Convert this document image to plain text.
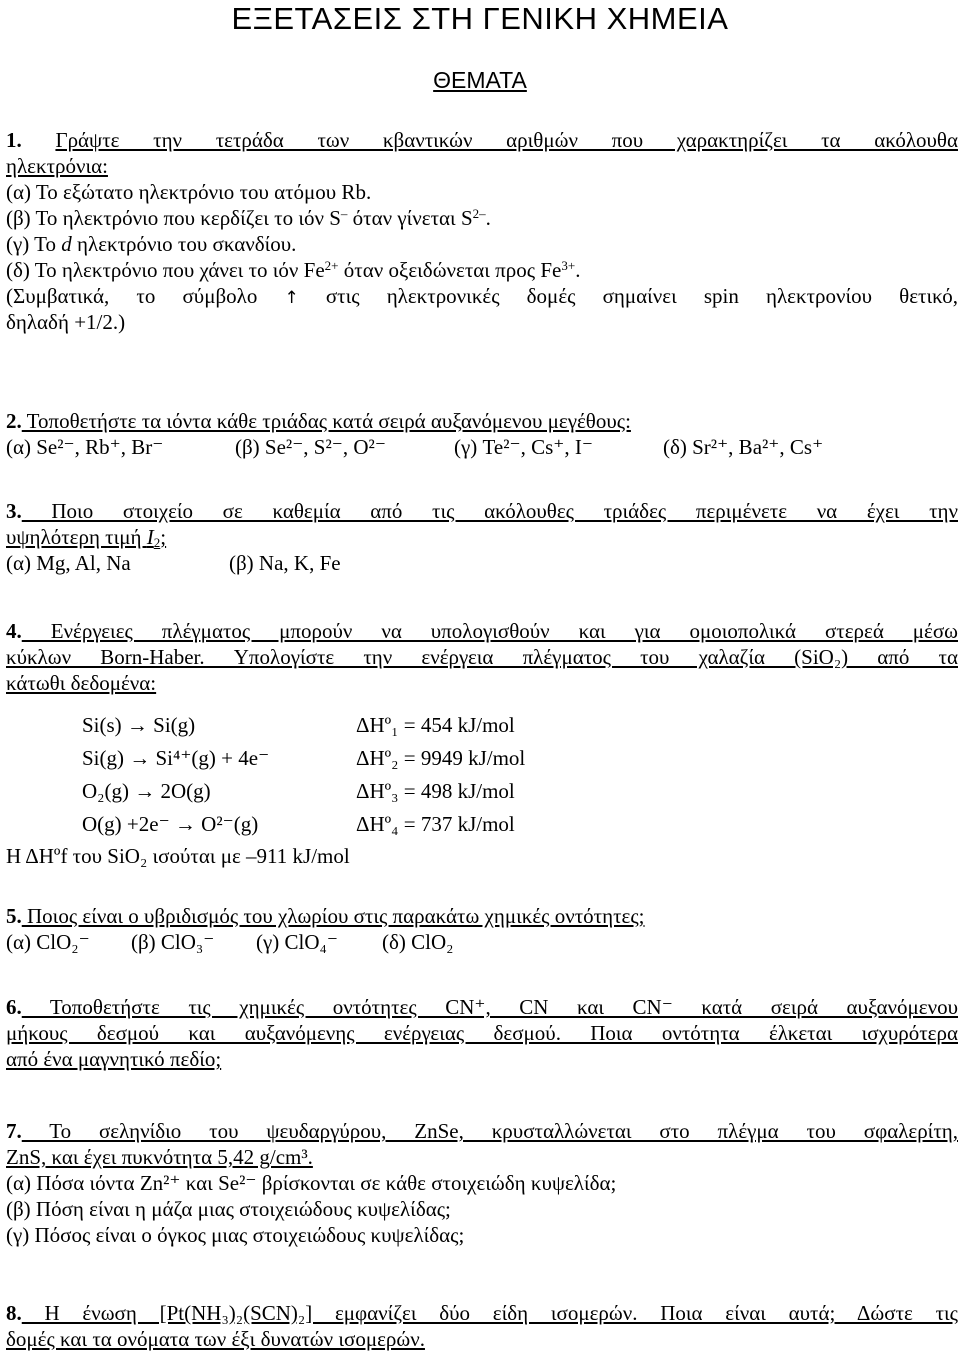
ΕΞΕΤΑΣΕΙΣ ΣΤΗ ΓΕΝΙΚΗ ΧΗΜΕΙΑ
ΘΕΜΑΤΑ
1. Γράψτε την τετράδα των κβαντικών αριθμών που χαρακτηρίζει τα ακόλουθα
ηλεκτρόνια:
(α) Το εξώτατο ηλεκτρόνιο του ατόμου Rb.
(β) Το ηλεκτρόνιο που κερδίζει το ιόν S– όταν γίνεται $S^{2-}$.
(γ) Το d ηλεκτρόνιο του σκανδίου.
(δ) Το ηλεκτρόνιο που χάνει το ιόν $Fe^{2+}$ όταν οξειδώνεται προς $Fe^{3+}$.
(Συμβατικά, το σύμβολο ↑ στις ηλεκτρονικές δομές σημαίνει spin ηλεκτρονίου θετικό,
δηλαδή +1/2.)
2. Τοποθετήστε τα ιόντα κάθε τριάδας κατά σειρά αυξανόμενου μεγέθους:
(α) Se²⁻, Rb⁺, Br⁻	(β) Se²⁻, S²⁻, O²⁻	(γ) Te²⁻, Cs⁺, I⁻	(δ) Sr²⁺, Ba²⁺, Cs⁺
3. Ποιο στοιχείο σε καθεμία από τις ακόλουθες τριάδες περιμένετε να έχει την
υψηλότερη τιμή $I_2$;
(α) Mg, Al, Na	(β) Na, K, Fe
4. Ενέργειες πλέγματος μπορούν να υπολογισθούν και για ομοιοπολικά στερεά μέσω
κύκλων Born-Haber. Υπολογίστε την ενέργεια πλέγματος του χαλαζία (SiO₂) από τα
κάτωθι δεδομένα:
Si(s) → Si(g)	ΔHº₁ = 454 kJ/mol
Si(g) → Si⁴⁺(g) + 4e⁻	ΔHº₂ = 9949 kJ/mol
O₂(g) → 2O(g)	ΔHº₃ = 498 kJ/mol
O(g) +2e⁻ → O²⁻(g)	ΔHº₄ = 737 kJ/mol
Η ΔHºf του SiO₂ ισούται με –911 kJ/mol
5. Ποιος είναι ο υβριδισμός του χλωρίου στις παρακάτω χημικές οντότητες;
(α) ClO₂⁻ (β) ClO₃⁻ (γ) ClO₄⁻ (δ) ClO₂
6. Τοποθετήστε τις χημικές οντότητες CN⁺, CN και CN⁻ κατά σειρά αυξανόμενου
μήκους δεσμού και αυξανόμενης ενέργειας δεσμού. Ποια οντότητα έλκεται ισχυρότερα
από ένα μαγνητικό πεδίο;
7. Το σεληνίδιο του ψευδαργύρου, ZnSe, κρυσταλλώνεται στο πλέγμα του σφαλερίτη,
ZnS, και έχει πυκνότητα 5,42 g/cm³.
(α) Πόσα ιόντα Zn²⁺ και Se²⁻ βρίσκονται σε κάθε στοιχειώδη κυψελίδα;
(β) Πόση είναι η μάζα μιας στοιχειώδους κυψελίδας;
(γ) Πόσος είναι ο όγκος μιας στοιχειώδους κυψελίδας;
8. Η ένωση [Pt(NH₃)₂(SCN)₂] εμφανίζει δύο είδη ισομερών. Ποια είναι αυτά; Δώστε τις
δομές και τα ονόματα των έξι δυνατών ισομερών.
